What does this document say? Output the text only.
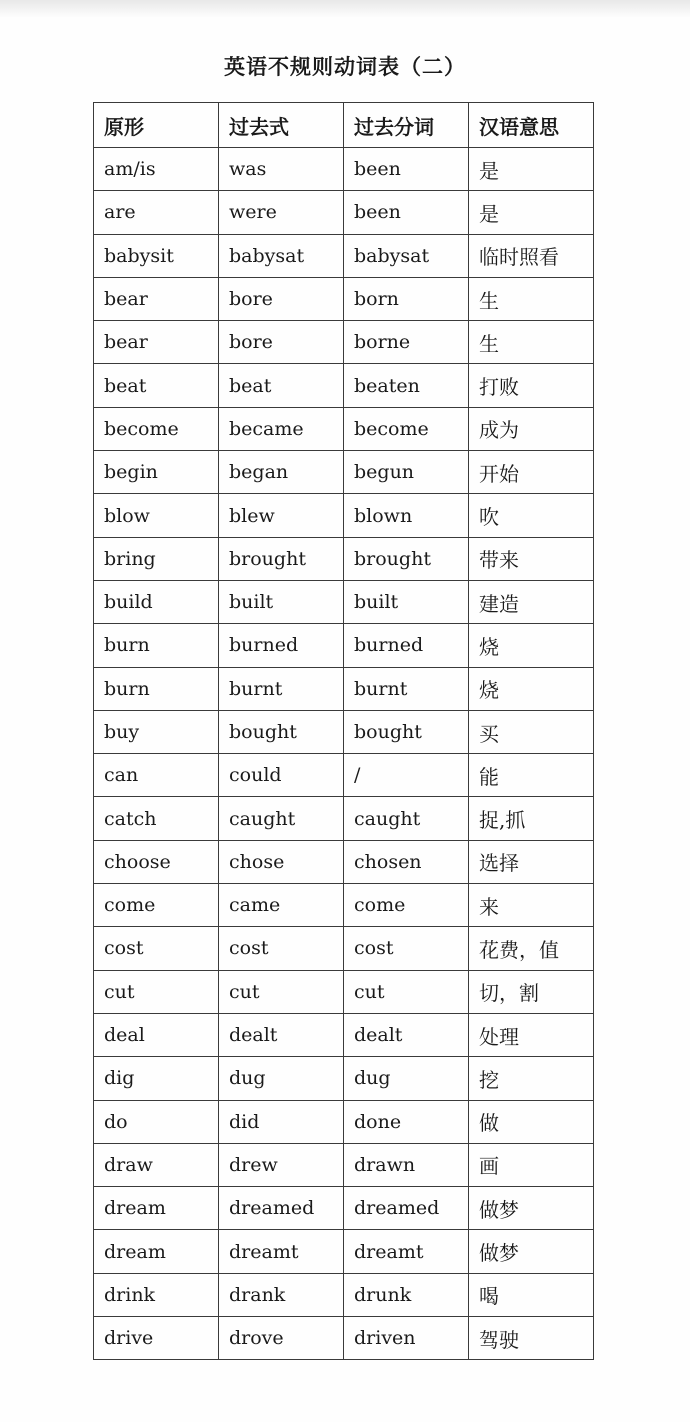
英语不规则动词表（二）
原形	过去式	过去分词	汉语意思
am/is	was	been	是
are	were	been	是
babysit	babysat	babysat	临时照看
bear	bore	born	生
bear	bore	borne	生
beat	beat	beaten	打败
become	became	become	成为
begin	began	begun	开始
blow	blew	blown	吹
bring	brought	brought	带来
build	built	built	建造
burn	burned	burned	烧
burn	burnt	burnt	烧
buy	bought	bought	买
can	could	/	能
catch	caught	caught	捉,抓
choose	chose	chosen	选择
come	came	come	来
cost	cost	cost	花费，值
cut	cut	cut	切，割
deal	dealt	dealt	处理
dig	dug	dug	挖
do	did	done	做
draw	drew	drawn	画
dream	dreamed	dreamed	做梦
dream	dreamt	dreamt	做梦
drink	drank	drunk	喝
drive	drove	driven	驾驶
